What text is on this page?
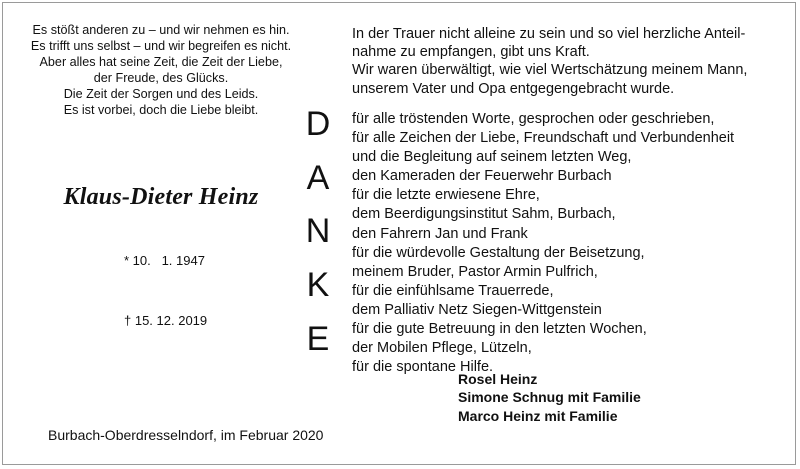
Es stößt anderen zu – und wir nehmen es hin.
Es trifft uns selbst – und wir begreifen es nicht.
Aber alles hat seine Zeit, die Zeit der Liebe,
der Freude, des Glücks.
Die Zeit der Sorgen und des Leids.
Es ist vorbei, doch die Liebe bleibt.
Klaus-Dieter Heinz

* 10.   1. 1947

† 15. 12. 2019

D
A
N
K
E
In der Trauer nicht alleine zu sein und so viel herzliche Anteil-
nahme zu empfangen, gibt uns Kraft.
Wir waren überwältigt, wie viel Wertschätzung meinem Mann,
unserem Vater und Opa entgegengebracht wurde.
für alle tröstenden Worte, gesprochen oder geschrieben,
für alle Zeichen der Liebe, Freundschaft und Verbundenheit
und die Begleitung auf seinem letzten Weg,
den Kameraden der Feuerwehr Burbach
für die letzte erwiesene Ehre,
dem Beerdigungsinstitut Sahm, Burbach,
den Fahrern Jan und Frank
für die würdevolle Gestaltung der Beisetzung,
meinem Bruder, Pastor Armin Pulfrich,
für die einfühlsame Trauerrede,
dem Palliativ Netz Siegen-Wittgenstein
für die gute Betreuung in den letzten Wochen,
der Mobilen Pflege, Lützeln,
für die spontane Hilfe.
Rosel Heinz
Simone Schnug mit Familie
Marco Heinz mit Familie
Burbach-Oberdresselndorf, im Februar 2020
